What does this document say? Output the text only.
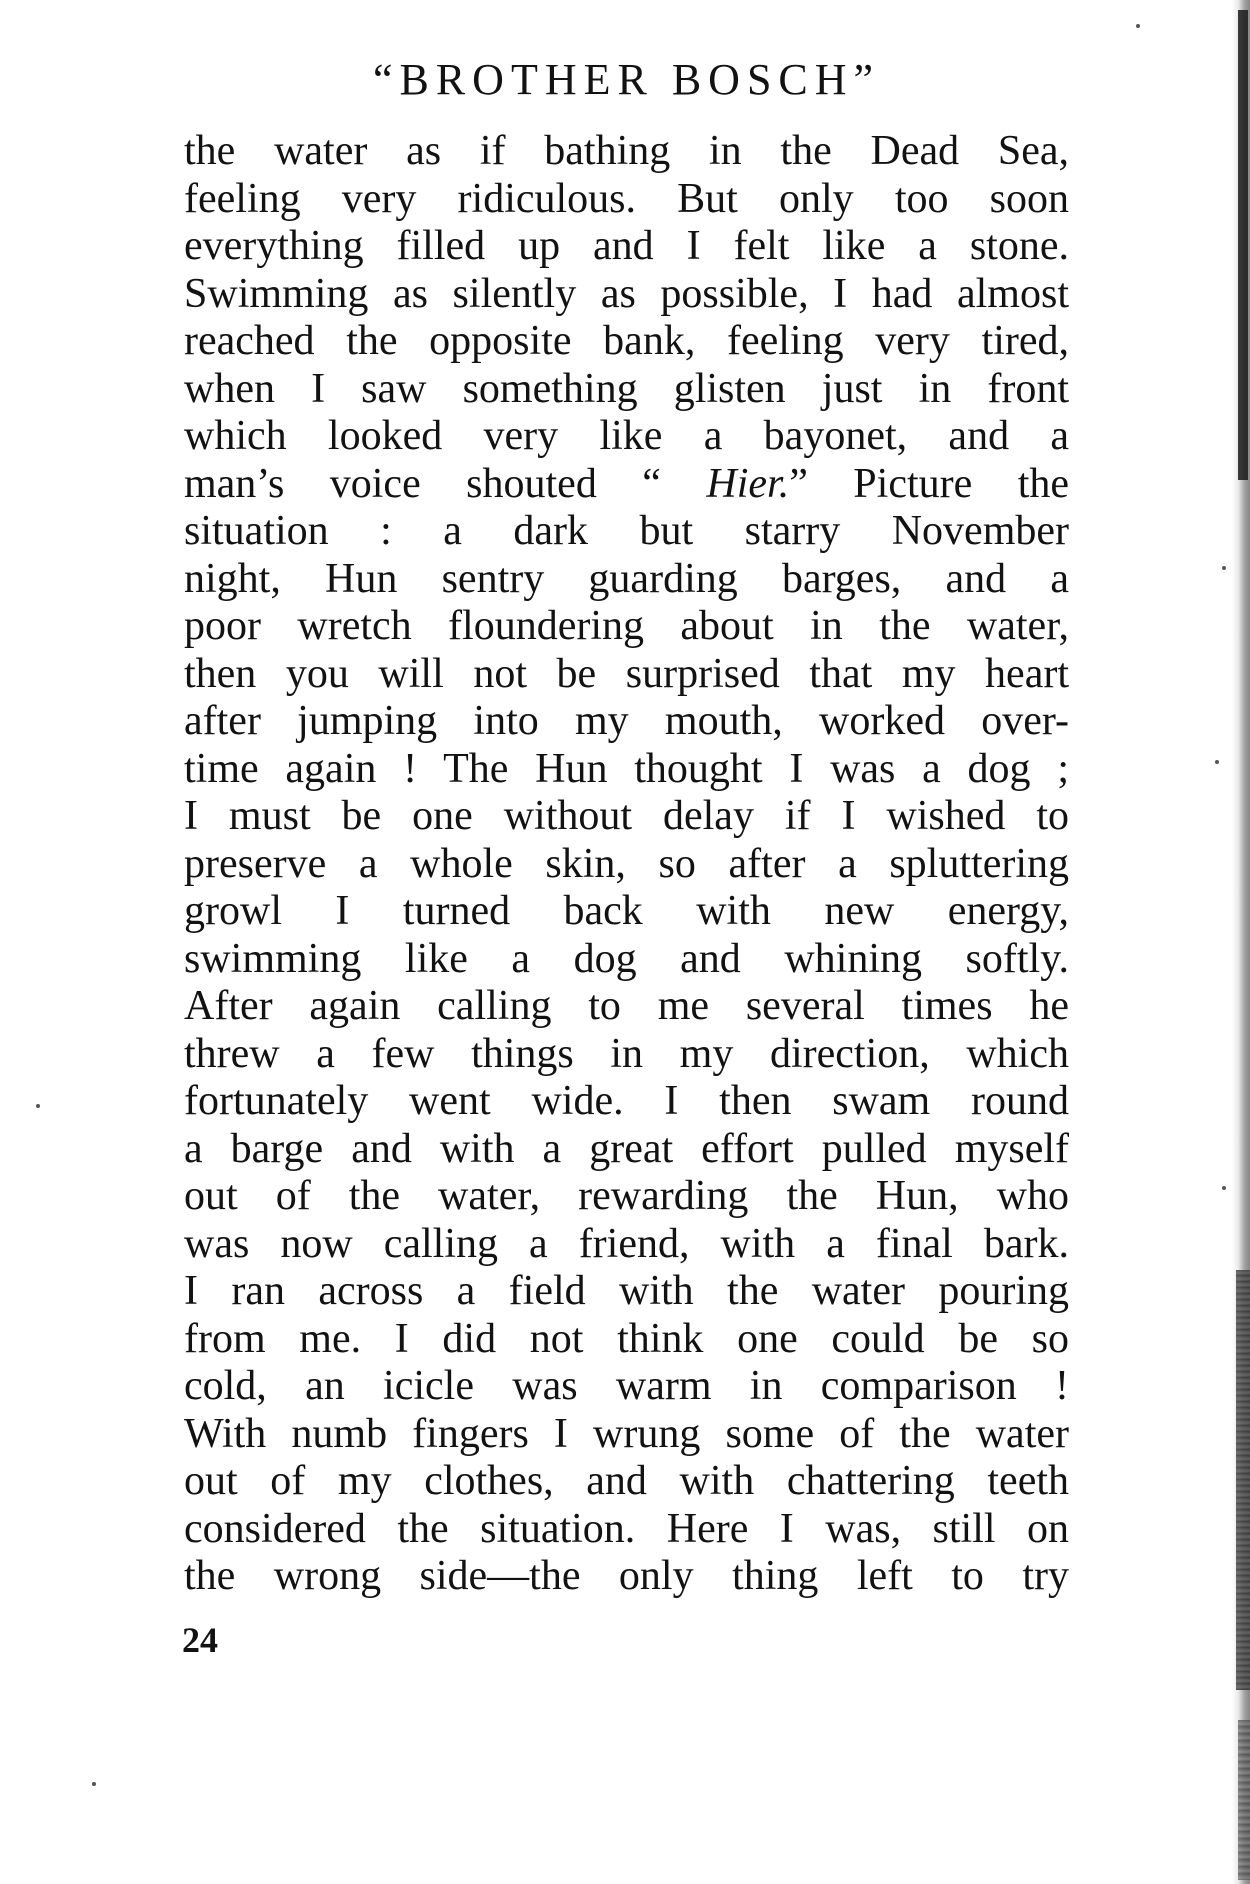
“BROTHER BOSCH”
the water as if bathing in the Dead Sea,
feeling very ridiculous. But only too soon
everything filled up and I felt like a stone.
Swimming as silently as possible, I had almost
reached the opposite bank, feeling very tired,
when I saw something glisten just in front
which looked very like a bayonet, and a
man’s voice shouted “ Hier.” Picture the
situation : a dark but starry November
night, Hun sentry guarding barges, and a
poor wretch floundering about in the water,
then you will not be surprised that my heart
after jumping into my mouth, worked over-
time again ! The Hun thought I was a dog ;
I must be one without delay if I wished to
preserve a whole skin, so after a spluttering
growl I turned back with new energy,
swimming like a dog and whining softly.
After again calling to me several times he
threw a few things in my direction, which
fortunately went wide. I then swam round
a barge and with a great effort pulled myself
out of the water, rewarding the Hun, who
was now calling a friend, with a final bark.
I ran across a field with the water pouring
from me. I did not think one could be so
cold, an icicle was warm in comparison !
With numb fingers I wrung some of the water
out of my clothes, and with chattering teeth
considered the situation. Here I was, still on
the wrong side—the only thing left to try
24
